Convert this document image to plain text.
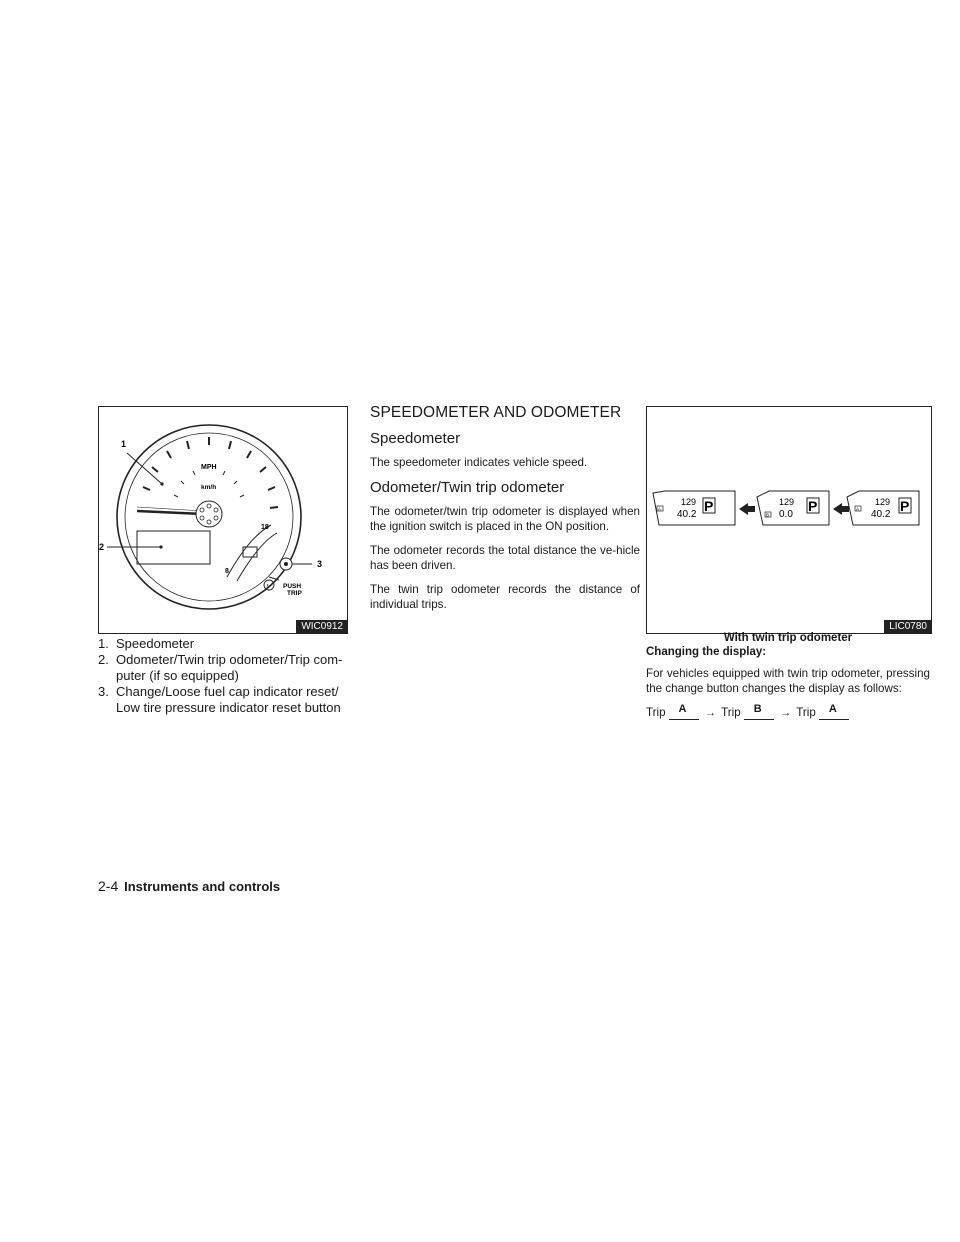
MPH
km/h
18
8
PUSH
TRIP
!
1
2
3
WIC0912
1. Speedometer
2. Odometer/Twin trip odometer/Trip com-puter (if so equipped)
3. Change/Loose fuel cap indicator reset/ Low tire pressure indicator reset button
SPEEDOMETER AND ODOMETER
Speedometer

The speedometer indicates vehicle speed.

Odometer/Twin trip odometer

The odometer/twin trip odometer is displayed when the ignition switch is placed in the ON position.

The odometer records the total distance the ve-hicle has been driven.

The twin trip odometer records the distance of individual trips.

A
129
40.2
P
B
129
0.0
P	A
129
40.2
P
LIC0780
With twin trip odometer
Changing the display:

For vehicles equipped with twin trip odometer, pressing the change button changes the display as follows:

Trip A → Trip B → Trip A
2-4 Instruments and controls
